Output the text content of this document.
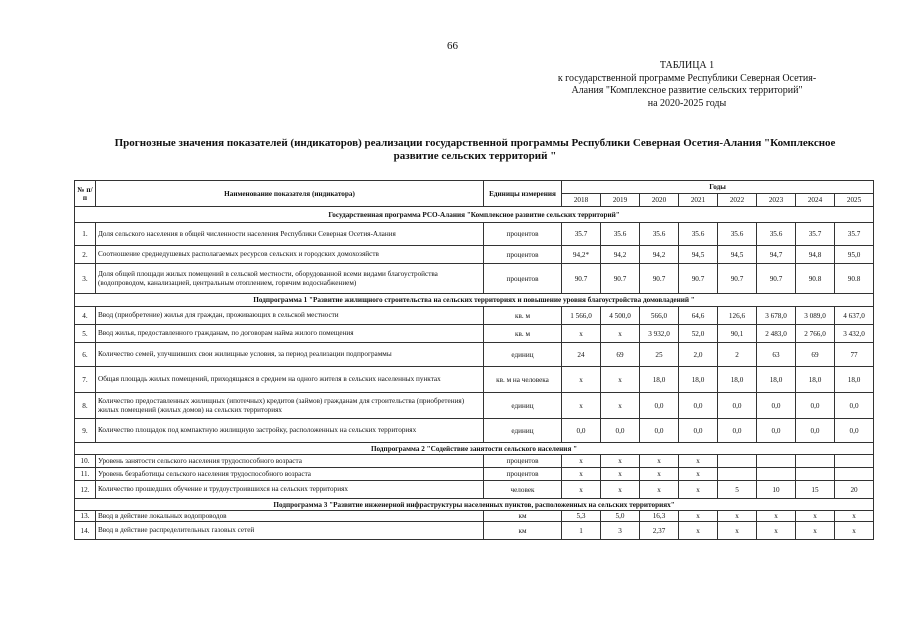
66
ТАБЛИЦА 1
к государственной программе Республики Северная Осетия-
Алания "Комплексное развитие сельских территорий"
на 2020-2025 годы
Прогнозные значения показателей (индикаторов) реализации государственной программы Республики Северная Осетия-Алания "Комплексное
развитие сельских территорий "
№ п/п	Наименование показателя (индикатора)	Единицы измерения	Годы							
			2018	2019	2020	2021	2022	2023	2024	2025
Государственная программа РСО-Алания "Комплексное развитие сельских территорий"										
1.	Доля сельского населения в общей численности населения Республики Северная Осетия-Алания	процентов	35.7	35.6	35.6	35.6	35.6	35.6	35.7	35.7
2.	Соотношение среднедушевых располагаемых ресурсов сельских и городских домохозяйств	процентов	94,2*	94,2	94,2	94,5	94,5	94,7	94,8	95,0
3.	Доля общей площади жилых помещений в сельской местности, оборудованной всеми видами благоустройства (водопроводом, канализацией, центральным отоплением, горячим водоснабжением)	процентов	90.7	90.7	90.7	90.7	90.7	90.7	90.8	90.8
Подпрограмма 1 "Развитие жилищного строительства на сельских территориях и повышение уровня благоустройства домовладений "										
4.	Ввод (приобретение) жилья для граждан, проживающих в сельской местности	кв. м	1 566,0	4 500,0	566,0	64,6	126,6	3 678,0	3 089,0	4 637,0
5.	Ввод жилья, предоставленного гражданам, по договорам найма жилого помещения	кв. м	х	х	3 932,0	52,0	90,1	2 483,0	2 766,0	3 432,0
6.	Количество семей, улучшивших свои жилищные условия, за период реализации подпрограммы	единиц	24	69	25	2,0	2	63	69	77
7.	Общая площадь жилых помещений, приходящаяся в среднем на одного жителя в сельских населенных пунктах	кв. м на человека	х	х	18,0	18,0	18,0	18,0	18,0	18,0
8.	Количество предоставленных жилищных (ипотечных) кредитов (займов) гражданам для строительства (приобретения) жилых помещений (жилых домов) на сельских территориях	единиц	х	х	0,0	0,0	0,0	0,0	0,0	0,0
9.	Количество площадок под компактную жилищную застройку, расположенных на сельских территориях	единиц	0,0	0,0	0,0	0,0	0,0	0,0	0,0	0,0
Подпрограмма 2 "Содействие занятости сельского населения "										
10.	Уровень занятости сельского населения трудоспособного возраста	процентов	х	х	х	х				
11.	Уровень безработицы сельского населения трудоспособного возраста	процентов	х	х	х	х				
12.	Количество прошедших обучение и трудоустроившихся на сельских территориях	человек	х	х	х	х	5	10	15	20
Подпрограмма 3 "Развитие инженерной инфраструктуры населенных пунктов, расположенных на сельских территориях"										
13.	Ввод в действие локальных водопроводов	км	5,3	5,0	16,3	х	х	х	х	х
14.	Ввод в действие распределительных газовых сетей	км	1	3	2,37	х	х	х	х	х
